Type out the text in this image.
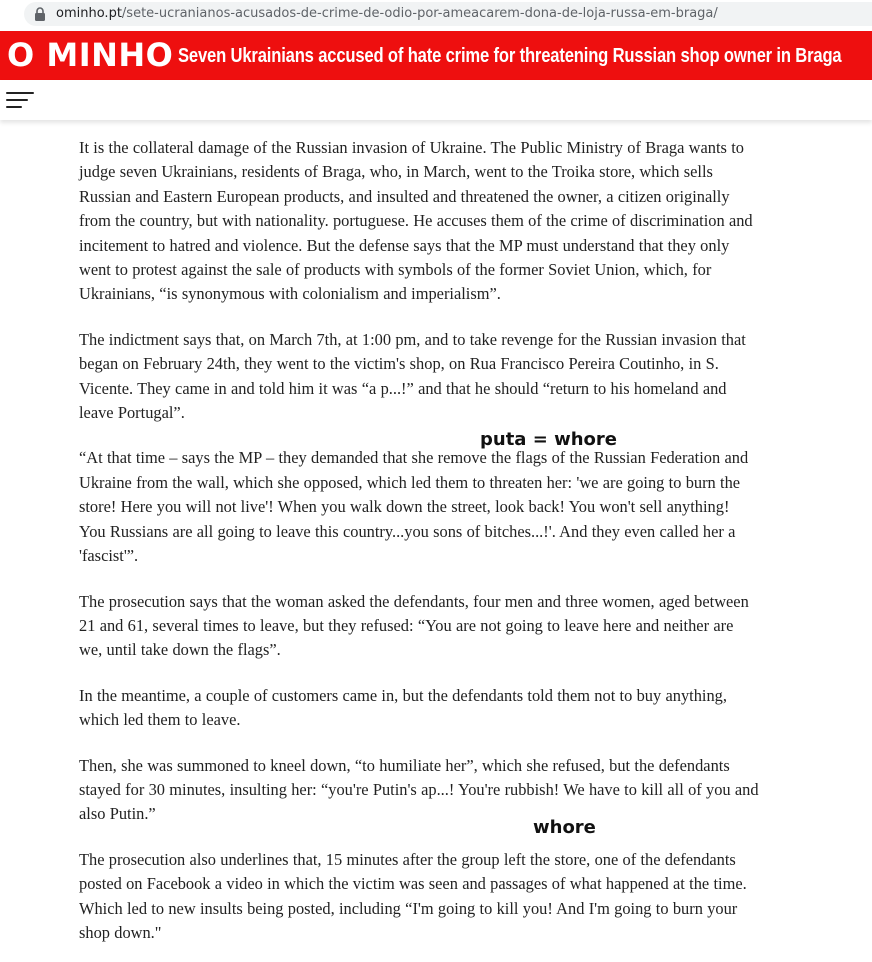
ominho.pt/sete-ucranianos-acusados-de-crime-de-odio-por-ameacarem-dona-de-loja-russa-em-braga/
O MINHO Seven Ukrainians accused of hate crime for threatening Russian shop owner in Braga

It is the collateral damage of the Russian invasion of Ukraine. The Public Ministry of Braga wants to judge seven Ukrainians, residents of Braga, who, in March, went to the Troika store, which sells Russian and Eastern European products, and insulted and threatened the owner, a citizen originally from the country, but with nationality. portuguese. He accuses them of the crime of discrimination and incitement to hatred and violence. But the defense says that the MP must understand that they only went to protest against the sale of products with symbols of the former Soviet Union, which, for Ukrainians, “is synonymous with colonialism and imperialism”.

The indictment says that, on March 7th, at 1:00 pm, and to take revenge for the Russian invasion that began on February 24th, they went to the victim's shop, on Rua Francisco Pereira Coutinho, in S. Vicente. They came in and told him it was “a p...!” and that he should “return to his homeland and leave Portugal”.

“At that time – says the MP – they demanded that she remove the flags of the Russian Federation and Ukraine from the wall, which she opposed, which led them to threaten her: 'we are going to burn the store! Here you will not live'! When you walk down the street, look back! You won't sell anything! You Russians are all going to leave this country...you sons of bitches...!'. And they even called her a 'fascist'”.

The prosecution says that the woman asked the defendants, four men and three women, aged between 21 and 61, several times to leave, but they refused: “You are not going to leave here and neither are we, until take down the flags”.

In the meantime, a couple of customers came in, but the defendants told them not to buy anything, which led them to leave.

Then, she was summoned to kneel down, “to humiliate her”, which she refused, but the defendants stayed for 30 minutes, insulting her: “you're Putin's ap...! You're rubbish! We have to kill all of you and also Putin.”

The prosecution also underlines that, 15 minutes after the group left the store, one of the defendants posted on Facebook a video in which the victim was seen and passages of what happened at the time. Which led to new insults being posted, including “I'm going to kill you! And I'm going to burn your shop down."

puta = whore
whore
